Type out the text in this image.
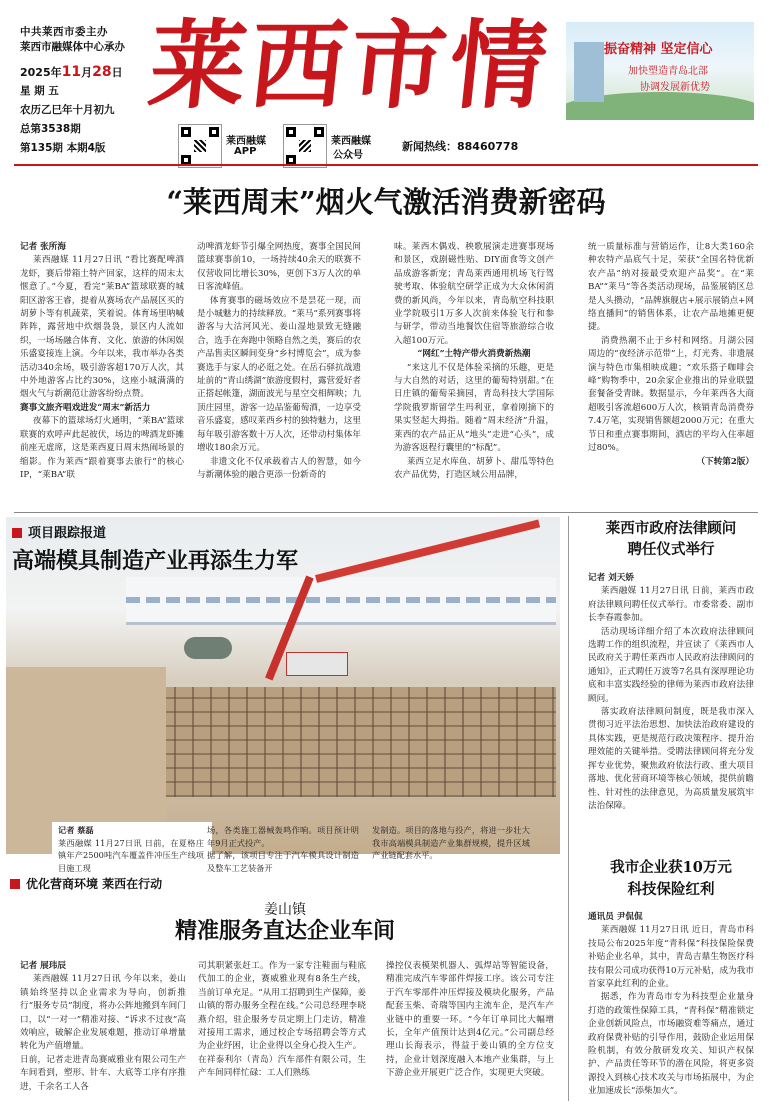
中共莱西市委主办
莱西市融媒体中心承办
2025年11月28日
星 期 五
农历乙巳年十月初九
总第3538期
第135期 本期4版
莱西市情
莱西融媒
APP
莱西融媒
公众号
新闻热线：88460778
振奋精神 坚定信心
加快塑造青岛北部
协调发展新优势
“莱西周末”烟火气激活消费新密码
记者 张所海
莱西融媒 11月27日讯 “看比赛配啤酒龙虾，赛后带箱土特产回家，这样的周末太惬意了。”今夏，看完“莱BA”篮球联赛的城阳区游客王睿，提着从赛场农产品展区买的胡萝卜等有机蔬菜，笑着说。体育场里呐喊阵阵，露营地中炊烟袅袅，景区内人流如织，一场场融合体育、文化、旅游的休闲娱乐盛宴接连上演。今年以来，我市举办各类活动340余场，吸引游客超170万人次，其中外地游客占比约30%，这座小城满满的烟火气与新潮范让游客纷纷点赞。
赛事文旅齐唱戏进发“周末”新活力
夜幕下的篮球场灯火通明，“莱BA”篮球联赛的欢呼声此起彼伏，场边的啤酒龙虾摊前座无虚席，这是莱西夏日周末热闹场景的缩影。作为莱西“跟着赛事去旅行”的核心IP，“莱BA”联
动啤酒龙虾节引爆全网热度，赛事全国民间篮球赛事前10，一场持续40余天的联赛不仅营收同比增长30%，更创下3万人次的单日客流峰值。
体育赛事的磁场效应不是昙花一现，而是小城魅力的持续释放。“莱马”系列赛事将游客与大沽河风光、姜山湿地景致无缝融合，选手在奔跑中领略自然之美，赛后的农产品售卖区瞬间变身“乡村博览会”，成为参赛选手与家人的必逛之处。在岳石驿抗战遗址前的“青山绣湖”旅游度假村，露营爱好者正搭起帐篷，湖面波光与星空交相辉映；九顶庄园里，游客一边品鉴葡萄酒，一边享受音乐盛宴，感叹莱西乡村的独特魅力，这里每年吸引游客数十万人次，还带动村集体年增收180余万元。
非遗文化不仅承载着古人的智慧，如今与新潮体验的融合更添一份新奇的
味。莱西木偶戏、秧歌展演走进赛事现场和景区，戏剧磁性贴、DIY面食等文创产品成游客新宠；青岛莱西通用机场飞行驾驶考取、体验航空研学正成为大众休闲消费的新风尚，今年以来，青岛航空科技职业学院吸引1万多人次前来体验飞行和参与研学，带动当地餐饮住宿等旅游综合收入超100万元。
“网红”土特产带火消费新热潮
“来这儿不仅是体验采摘的乐趣，更是与大自然的对话，这里的葡萄特别甜。”在日庄镇的葡萄采摘园，青岛科技大学国际学院俄罗斯留学生玛利亚，拿着刚摘下的果实竖起大拇指。随着“周末经济”升温，莱西的农产品正从“地头”走进“心头”，成为游客返程行囊里的“标配”。
莱西立足水库鱼、胡萝卜、甜瓜等特色农产品优势，打造区域公用品牌，
统一质量标准与营销运作，让8大类160余种农特产品底气十足，荣获“全国名特优新农产品”纳对接最受欢迎产品奖”。在“莱BA”“莱马”等各类活动现场，品鉴展销区总是人头攒动，“品牌旗舰店+展示展销点+网络直播间”的销售体系，让农产品地摊更便捷。
消费热潮不止于乡村和网络。月湖公园周边的“夜经济示范带”上，灯光秀、非遗展演与特色市集相映成趣；“欢乐搭子咖啡会峰”购物季中，20余家企业推出的异业联盟套餐备受青睐。数据显示，今年莱西各大商超吸引客流超600万人次，核销青岛消费券7.4万笔，实现销售额超2000万元；在重大节日和重点赛事期间，酒店的平均入住率超过80%。
（下转第2版）
项目跟踪报道
高端模具制造产业再添生力军
记者 蔡磊
莱西融媒 11月27日讯 日前，在夏格庄镇年产2500吨汽车覆盖件冲压生产线项目施工现
场，各类施工器械轰鸣作响。项目预计明年9月正式投产。
据了解，该项目专注于汽车模具设计制造及整车工艺装备开
发制造。项目的落地与投产，将进一步壮大我市高端模具制造产业集群规模，提升区域产业链配套水平。
莱西市政府法律顾问
聘任仪式举行
记者 刘天娇
莱西融媒 11月27日讯 日前，莱西市政府法律顾问聘任仪式举行。市委常委、副市长李春霞参加。
活动现场详细介绍了本次政府法律顾问选聘工作的组织流程，并宣读了《莱西市人民政府关于聘任莱西市人民政府法律顾问的通知》，正式聘任万波等7名具有深厚理论功底和丰富实践经验的律师为莱西市政府法律顾问。
落实政府法律顾问制度，既是我市深入贯彻习近平法治思想、加快法治政府建设的具体实践，更是规范行政决策程序、提升治理效能的关键举措。受聘法律顾问将充分发挥专业优势，聚焦政府依法行政、重大项目落地、优化营商环境等核心领域，提供前瞻性、针对性的法律意见，为高质量发展筑牢法治保障。
优化营商环境 莱西在行动
姜山镇
精准服务直达企业车间
记者 展玮辰
莱西融媒 11月27日讯 今年以来，姜山镇始终坚持以企业需求为导向，创新推行“服务专员”制度，将办公阵地搬到车间门口，以“一对一”精准对接、“诉求不过夜”高效响应，破解企业发展难题，推动订单增量转化为产值增量。
日前，记者走进青岛赛威雅业有限公司生产车间看到，塑形、针车、大底等工序有序推进，千余名工人各
司其职紧张赶工。作为一家专注鞋面与鞋底代加工的企业，赛威雅业现有8条生产线，当前订单充足。“从用工招聘到生产保障，姜山镇的帮办服务全程在线。”公司总经理李晓燕介绍，驻企服务专员定期上门走访，精准对接用工需求，通过校企专场招聘会等方式为企业纾困，让企业得以全身心投入生产。
在祥泰利尔（青岛）汽车部件有限公司，生产车间同样忙碌：工人们熟练
操控仪表模架机器人、弧焊站等智能设备，精准完成汽车零部件焊接工序。该公司专注于汽车零部件冲压焊接及模块化服务，产品配套玉柴、奇瑞等国内主流车企，是汽车产业链中的重要一环。“今年订单同比大幅增长，全年产值预计达到4亿元。”公司副总经理山长海表示，得益于姜山镇的全方位支持，企业计划深度融入本地产业集群，与上下游企业开展更广泛合作，实现更大突破。
我市企业获10万元
科技保险红利
通讯员 尹侃侃
莱西融媒 11月27日讯 近日，青岛市科技局公布2025年度“青科保”科技保险保费补贴企业名单，其中，青岛吉鼎生物医疗科技有限公司成功获得10万元补贴，成为我市首家享此红利的企业。
据悉，作为青岛市专为科技型企业量身打造的政策性保障工具，“青科保”精准锁定企业创新风险点，市场融资难等痛点，通过政府保费补贴的引导作用，鼓励企业运用保险机制，有效分散研发攻关、知识产权保护、产品责任等环节的潜在风险，将更多资源投入到核心技术攻关与市场拓展中，为企业加速成长“添柴加火”。
